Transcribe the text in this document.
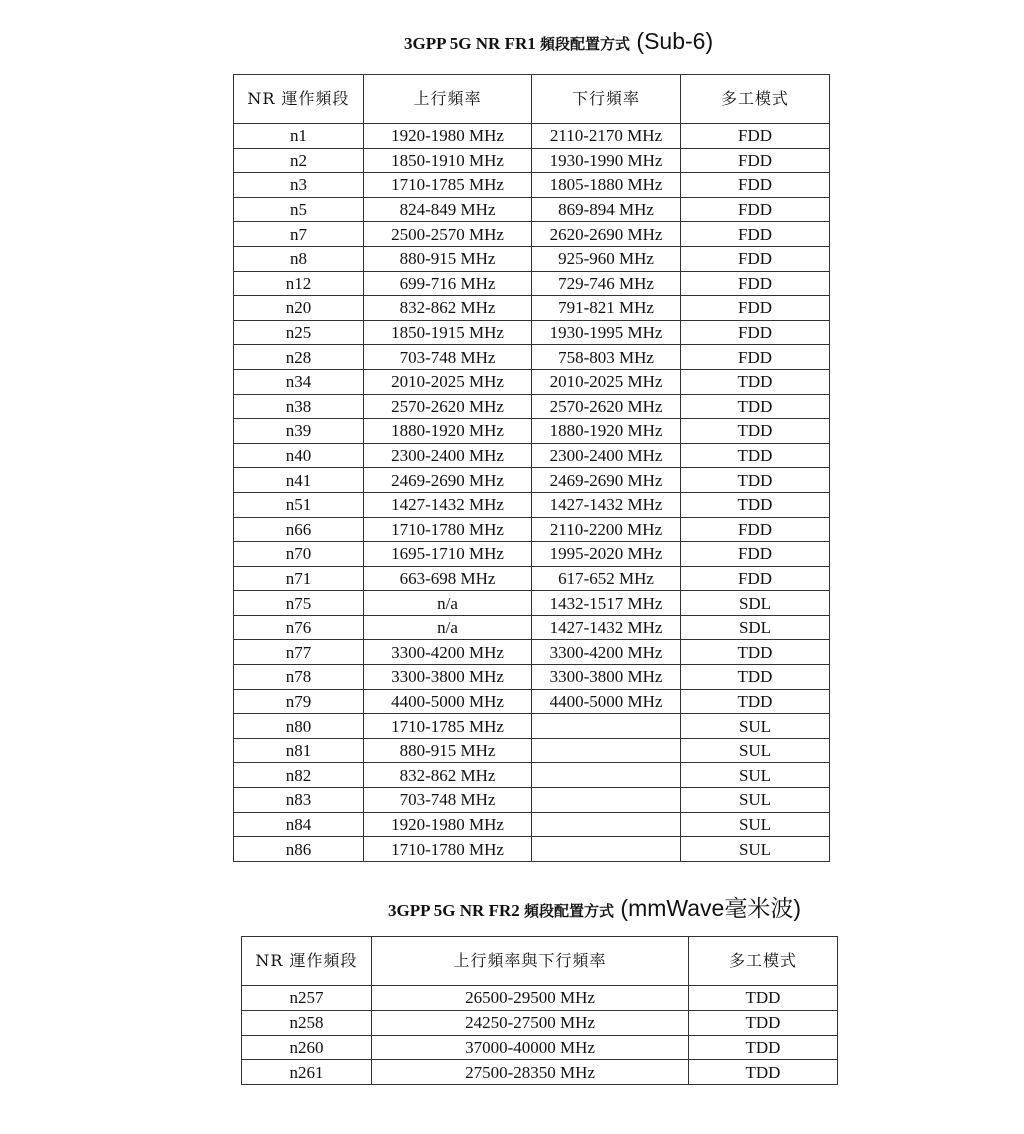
3GPP 5G NR FR1 頻段配置方式 (Sub-6)
NR 運作頻段	上行頻率	下行頻率	多工模式
n1	1920-1980 MHz	2110-2170 MHz	FDD
n2	1850-1910 MHz	1930-1990 MHz	FDD
n3	1710-1785 MHz	1805-1880 MHz	FDD
n5	824-849 MHz	869-894 MHz	FDD
n7	2500-2570 MHz	2620-2690 MHz	FDD
n8	880-915 MHz	925-960 MHz	FDD
n12	699-716 MHz	729-746 MHz	FDD
n20	832-862 MHz	791-821 MHz	FDD
n25	1850-1915 MHz	1930-1995 MHz	FDD
n28	703-748 MHz	758-803 MHz	FDD
n34	2010-2025 MHz	2010-2025 MHz	TDD
n38	2570-2620 MHz	2570-2620 MHz	TDD
n39	1880-1920 MHz	1880-1920 MHz	TDD
n40	2300-2400 MHz	2300-2400 MHz	TDD
n41	2469-2690 MHz	2469-2690 MHz	TDD
n51	1427-1432 MHz	1427-1432 MHz	TDD
n66	1710-1780 MHz	2110-2200 MHz	FDD
n70	1695-1710 MHz	1995-2020 MHz	FDD
n71	663-698 MHz	617-652 MHz	FDD
n75	n/a	1432-1517 MHz	SDL
n76	n/a	1427-1432 MHz	SDL
n77	3300-4200 MHz	3300-4200 MHz	TDD
n78	3300-3800 MHz	3300-3800 MHz	TDD
n79	4400-5000 MHz	4400-5000 MHz	TDD
n80	1710-1785 MHz		SUL
n81	880-915 MHz		SUL
n82	832-862 MHz		SUL
n83	703-748 MHz		SUL
n84	1920-1980 MHz		SUL
n86	1710-1780 MHz		SUL
3GPP 5G NR FR2 頻段配置方式 (mmWave毫米波)
NR 運作頻段	上行頻率與下行頻率	多工模式
n257	26500-29500 MHz	TDD
n258	24250-27500 MHz	TDD
n260	37000-40000 MHz	TDD
n261	27500-28350 MHz	TDD
